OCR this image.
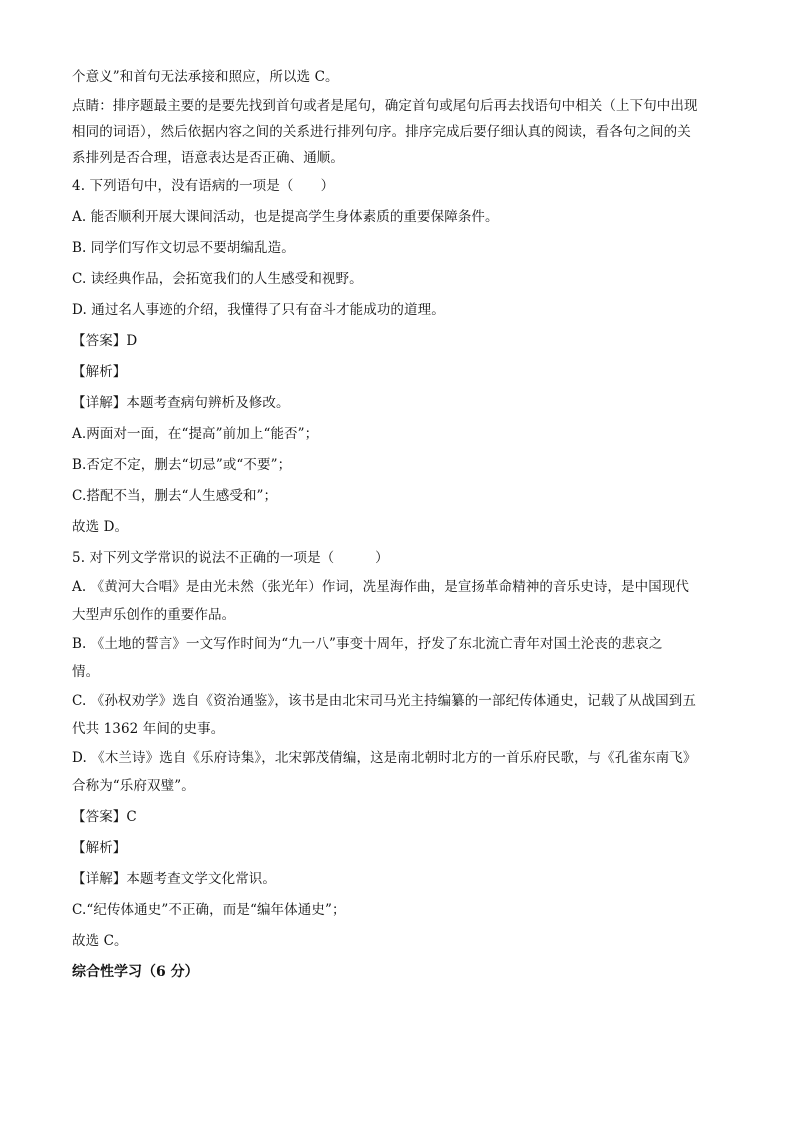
个意义”和首句无法承接和照应，所以选 C。
点睛：排序题最主要的是要先找到首句或者是尾句，确定首句或尾句后再去找语句中相关（上下句中出现
相同的词语），然后依据内容之间的关系进行排列句序。排序完成后要仔细认真的阅读，看各句之间的关
系排列是否合理，语意表达是否正确、通顺。
4. 下列语句中，没有语病的一项是（　　）
A. 能否顺利开展大课间活动，也是提高学生身体素质的重要保障条件。
B. 同学们写作文切忌不要胡编乱造。
C. 读经典作品，会拓宽我们的人生感受和视野。
D. 通过名人事迹的介绍，我懂得了只有奋斗才能成功的道理。
【答案】D
【解析】
【详解】本题考查病句辨析及修改。
A.两面对一面，在“提高”前加上“能否”；
B.否定不定，删去“切忌”或“不要”；
C.搭配不当，删去“人生感受和”；
故选 D。
5. 对下列文学常识的说法不正确的一项是（　　　）
A. 《黄河大合唱》是由光未然（张光年）作词，冼星海作曲，是宣扬革命精神的音乐史诗，是中国现代
大型声乐创作的重要作品。
B. 《土地的誓言》一文写作时间为“九一八”事变十周年，抒发了东北流亡青年对国土沦丧的悲哀之
情。
C. 《孙权劝学》选自《资治通鉴》，该书是由北宋司马光主持编纂的一部纪传体通史，记载了从战国到五
代共 1362 年间的史事。
D. 《木兰诗》选自《乐府诗集》，北宋郭茂倩编，这是南北朝时北方的一首乐府民歌，与《孔雀东南飞》
合称为“乐府双璧”。
【答案】C
【解析】
【详解】本题考查文学文化常识。
C.“纪传体通史”不正确，而是“编年体通史”；
故选 C。
综合性学习（6 分）
